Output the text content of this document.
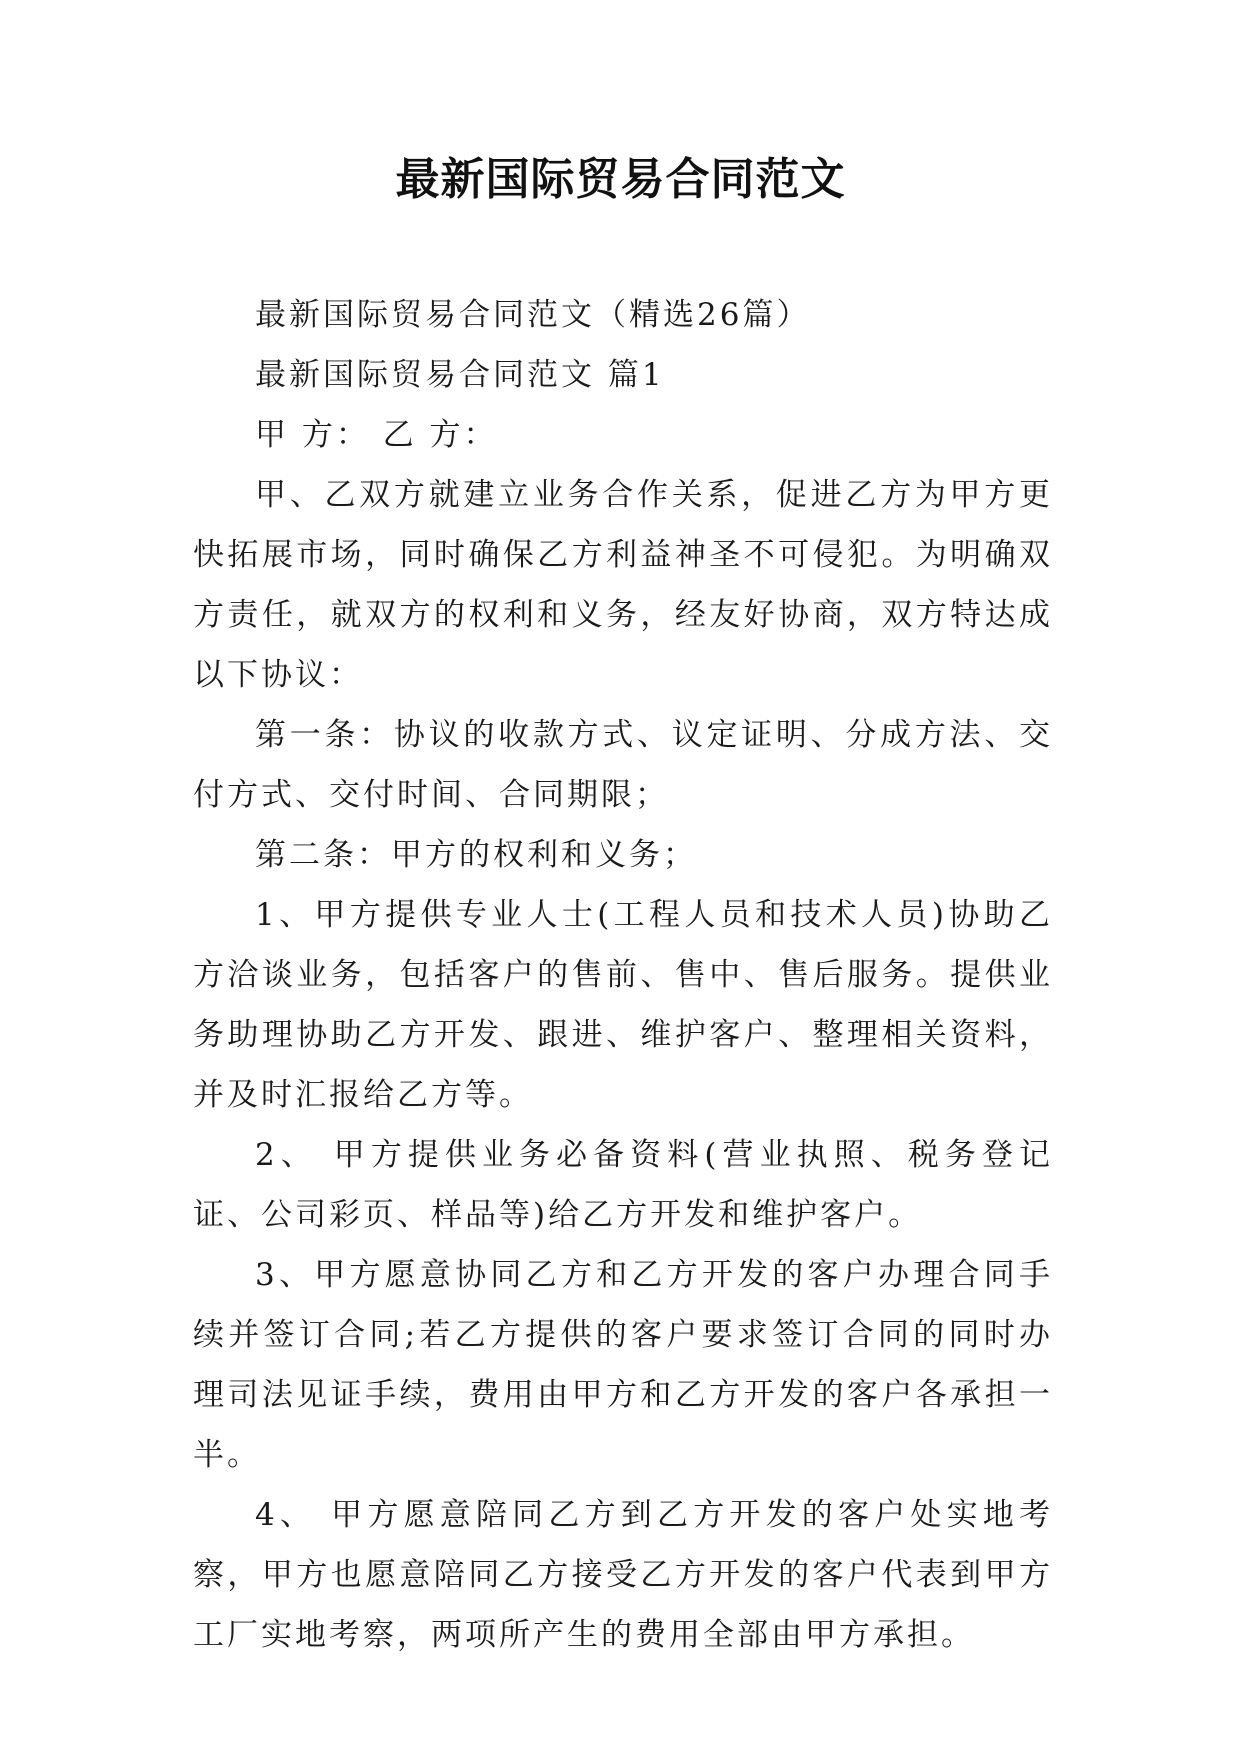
最新国际贸易合同范文

最新国际贸易合同范文（精选26篇）

最新国际贸易合同范文 篇1

甲 方： 乙 方：

甲、乙双方就建立业务合作关系，促进乙方为甲方更快拓展市场，同时确保乙方利益神圣不可侵犯。为明确双方责任，就双方的权利和义务，经友好协商，双方特达成以下协议：

第一条：协议的收款方式、议定证明、分成方法、交付方式、交付时间、合同期限；

第二条：甲方的权利和义务；

1、甲方提供专业人士(工程人员和技术人员)协助乙方洽谈业务，包括客户的售前、售中、售后服务。提供业务助理协助乙方开发、跟进、维护客户、整理相关资料，并及时汇报给乙方等。

2、 甲方提供业务必备资料(营业执照、税务登记证、公司彩页、样品等)给乙方开发和维护客户。

3、甲方愿意协同乙方和乙方开发的客户办理合同手续并签订合同;若乙方提供的客户要求签订合同的同时办理司法见证手续，费用由甲方和乙方开发的客户各承担一半。

4、 甲方愿意陪同乙方到乙方开发的客户处实地考察，甲方也愿意陪同乙方接受乙方开发的客户代表到甲方工厂实地考察，两项所产生的费用全部由甲方承担。
